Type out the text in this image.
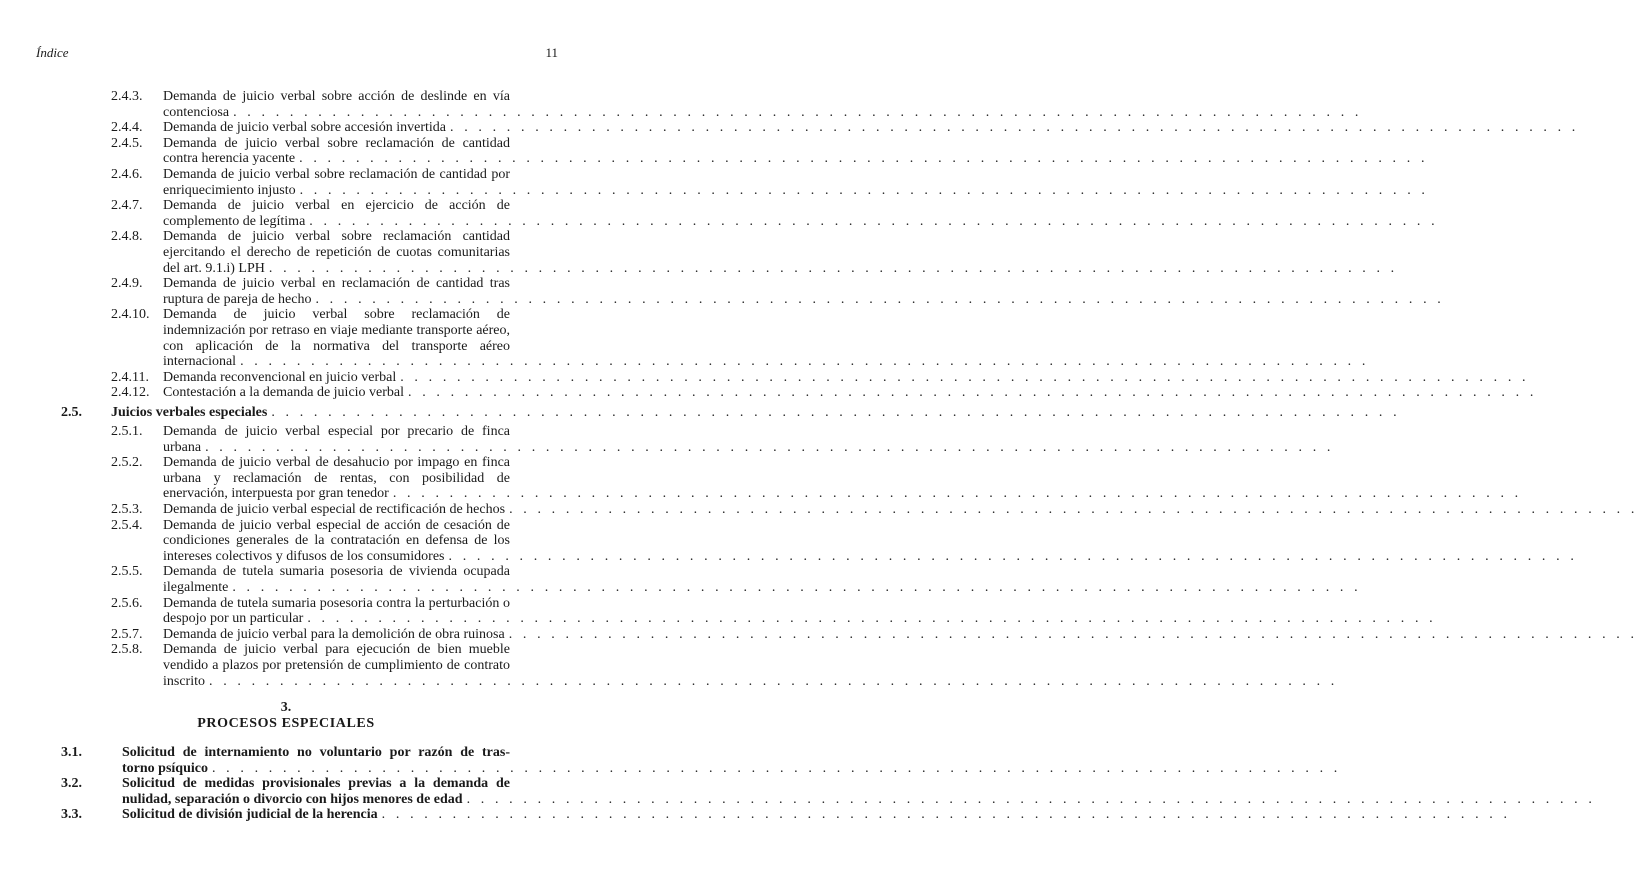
Índice	11
2.4.3. Demanda de juicio verbal sobre acción de deslinde en vía
contenciosa . . . . . . . . . . . . . . . . . . . . . . . . . . . . . . . . . . . . . . . . . . . . . . . . . . . . . . . . . . . . . . . . . . . . . . . . . . . . . . . .
2.4.4. Demanda de juicio verbal sobre accesión invertida . . . . . . . . . . . . . . . . . . . . . . . . . . . . . . . . . . . . . . . . . . . . . . . . . . . . . . . . . . . . . . . . . . . . . . . . . . . . . . . .
2.4.5. Demanda de juicio verbal sobre reclamación de cantidad
contra herencia yacente . . . . . . . . . . . . . . . . . . . . . . . . . . . . . . . . . . . . . . . . . . . . . . . . . . . . . . . . . . . . . . . . . . . . . . . . . . . . . . . .
2.4.6. Demanda de juicio verbal sobre reclamación de cantidad por
enriquecimiento injusto . . . . . . . . . . . . . . . . . . . . . . . . . . . . . . . . . . . . . . . . . . . . . . . . . . . . . . . . . . . . . . . . . . . . . . . . . . . . . . . .
2.4.7. Demanda de juicio verbal en ejercicio de acción de
complemento de legítima . . . . . . . . . . . . . . . . . . . . . . . . . . . . . . . . . . . . . . . . . . . . . . . . . . . . . . . . . . . . . . . . . . . . . . . . . . . . . . . .
2.4.8. Demanda de juicio verbal sobre reclamación cantidad
ejercitando el derecho de repetición de cuotas comunitarias
del art. 9.1.i) LPH . . . . . . . . . . . . . . . . . . . . . . . . . . . . . . . . . . . . . . . . . . . . . . . . . . . . . . . . . . . . . . . . . . . . . . . . . . . . . . . .
2.4.9. Demanda de juicio verbal en reclamación de cantidad tras
ruptura de pareja de hecho . . . . . . . . . . . . . . . . . . . . . . . . . . . . . . . . . . . . . . . . . . . . . . . . . . . . . . . . . . . . . . . . . . . . . . . . . . . . . . . .
2.4.10. Demanda de juicio verbal sobre reclamación de
indemnización por retraso en viaje mediante transporte aéreo,
con aplicación de la normativa del transporte aéreo
internacional . . . . . . . . . . . . . . . . . . . . . . . . . . . . . . . . . . . . . . . . . . . . . . . . . . . . . . . . . . . . . . . . . . . . . . . . . . . . . . . .
2.4.11. Demanda reconvencional en juicio verbal . . . . . . . . . . . . . . . . . . . . . . . . . . . . . . . . . . . . . . . . . . . . . . . . . . . . . . . . . . . . . . . . . . . . . . . . . . . . . . . .
2.4.12. Contestación a la demanda de juicio verbal . . . . . . . . . . . . . . . . . . . . . . . . . . . . . . . . . . . . . . . . . . . . . . . . . . . . . . . . . . . . . . . . . . . . . . . . . . . . . . . .
2.5. Juicios verbales especiales . . . . . . . . . . . . . . . . . . . . . . . . . . . . . . . . . . . . . . . . . . . . . . . . . . . . . . . . . . . . . . . . . . . . . . . . . . . . . . . .
2.5.1. Demanda de juicio verbal especial por precario de finca
urbana . . . . . . . . . . . . . . . . . . . . . . . . . . . . . . . . . . . . . . . . . . . . . . . . . . . . . . . . . . . . . . . . . . . . . . . . . . . . . . . .
2.5.2. Demanda de juicio verbal de desahucio por impago en finca
urbana y reclamación de rentas, con posibilidad de
enervación, interpuesta por gran tenedor . . . . . . . . . . . . . . . . . . . . . . . . . . . . . . . . . . . . . . . . . . . . . . . . . . . . . . . . . . . . . . . . . . . . . . . . . . . . . . . .
2.5.3. Demanda de juicio verbal especial de rectificación de hechos . . . . . . . . . . . . . . . . . . . . . . . . . . . . . . . . . . . . . . . . . . . . . . . . . . . . . . . . . . . . . . . . . . . . . . . . . . . . . . . .
2.5.4. Demanda de juicio verbal especial de acción de cesación de
condiciones generales de la contratación en defensa de los
intereses colectivos y difusos de los consumidores . . . . . . . . . . . . . . . . . . . . . . . . . . . . . . . . . . . . . . . . . . . . . . . . . . . . . . . . . . . . . . . . . . . . . . . . . . . . . . . .
2.5.5. Demanda de tutela sumaria posesoria de vivienda ocupada
ilegalmente . . . . . . . . . . . . . . . . . . . . . . . . . . . . . . . . . . . . . . . . . . . . . . . . . . . . . . . . . . . . . . . . . . . . . . . . . . . . . . . .
2.5.6. Demanda de tutela sumaria posesoria contra la perturbación o
despojo por un particular . . . . . . . . . . . . . . . . . . . . . . . . . . . . . . . . . . . . . . . . . . . . . . . . . . . . . . . . . . . . . . . . . . . . . . . . . . . . . . . .
2.5.7. Demanda de juicio verbal para la demolición de obra ruinosa . . . . . . . . . . . . . . . . . . . . . . . . . . . . . . . . . . . . . . . . . . . . . . . . . . . . . . . . . . . . . . . . . . . . . . . . . . . . . . . .
2.5.8. Demanda de juicio verbal para ejecución de bien mueble
vendido a plazos por pretensión de cumplimiento de contrato
inscrito . . . . . . . . . . . . . . . . . . . . . . . . . . . . . . . . . . . . . . . . . . . . . . . . . . . . . . . . . . . . . . . . . . . . . . . . . . . . . . . .
3.1.	Solicitud de internamiento no voluntario por razón de tras-
torno psíquico . . . . . . . . . . . . . . . . . . . . . . . . . . . . . . . . . . . . . . . . . . . . . . . . . . . . . . . . . . . . . . . . . . . . . . . . . . . . . . . .
3.2.	Solicitud de medidas provisionales previas a la demanda de
nulidad, separación o divorcio con hijos menores de edad . . . . . . . . . . . . . . . . . . . . . . . . . . . . . . . . . . . . . . . . . . . . . . . . . . . . . . . . . . . . . . . . . . . . . . . . . . . . . . . .
3.3.	Solicitud de división judicial de la herencia . . . . . . . . . . . . . . . . . . . . . . . . . . . . . . . . . . . . . . . . . . . . . . . . . . . . . . . . . . . . . . . . . . . . . . . . . . . . . . . .
3.
PROCESOS ESPECIALES
